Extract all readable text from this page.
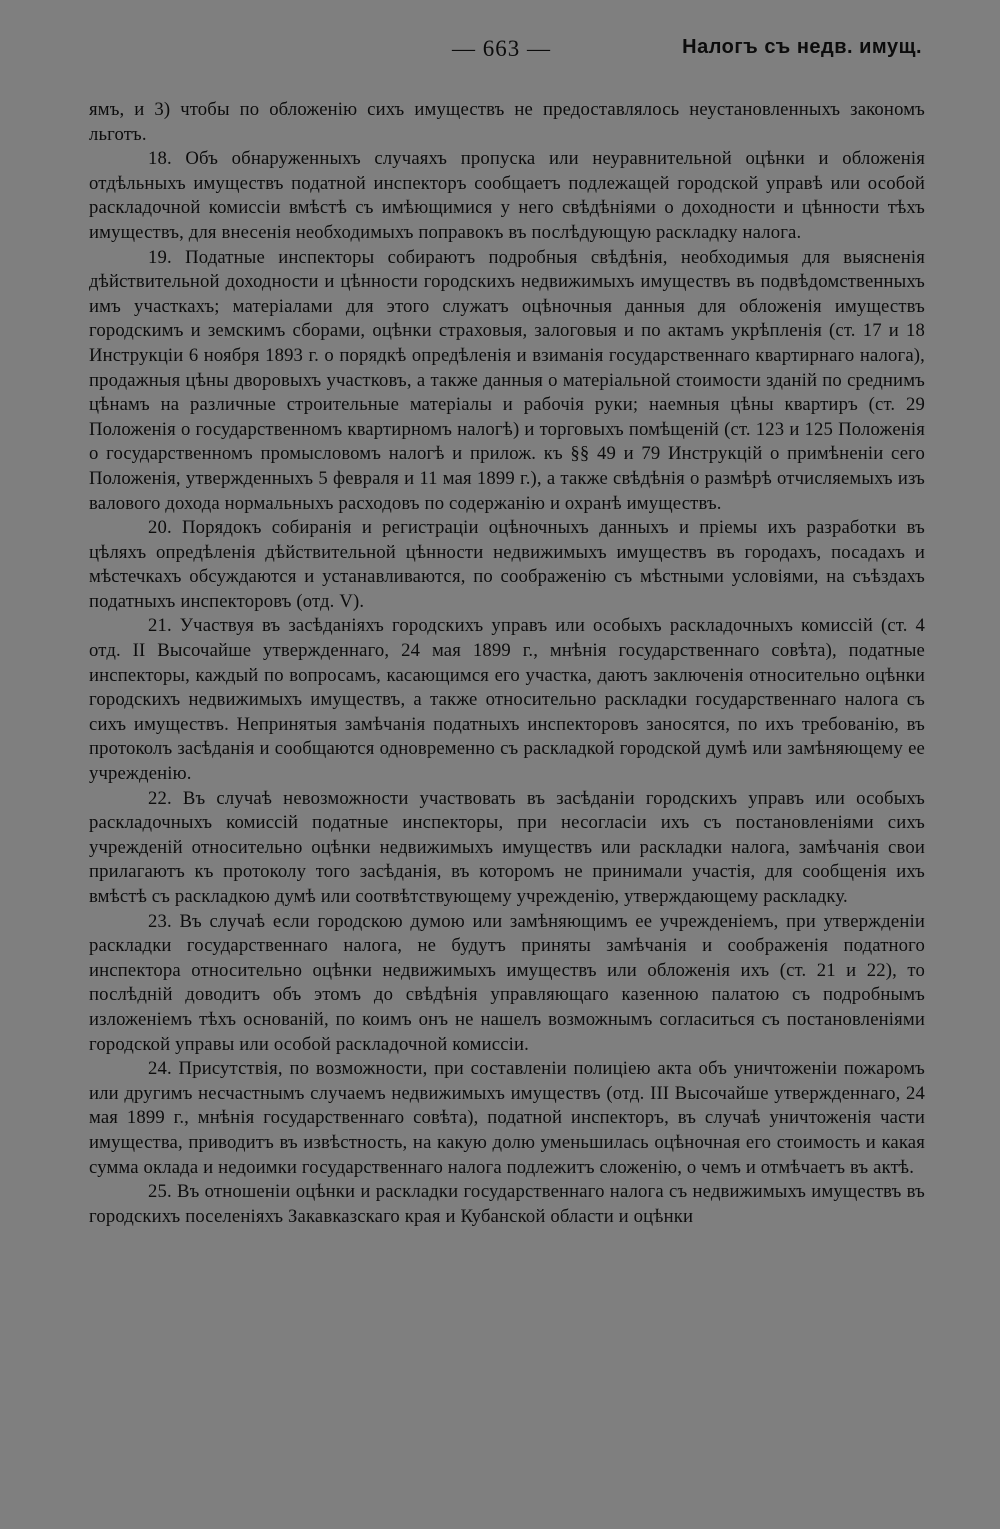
— 663 —	Налогъ съ недв. имущ.

ямъ, и 3) чтобы по обложенію сихъ имуществъ не предоставлялось неустановленныхъ закономъ льготъ.

18. Объ обнаруженныхъ случаяхъ пропуска или неуравнительной оцѣнки и обложенія отдѣльныхъ имуществъ податной инспекторъ сообщаетъ подлежащей городской управѣ или особой раскладочной комиссіи вмѣстѣ съ имѣющимися у него свѣдѣніями о доходности и цѣнности тѣхъ имуществъ, для внесенія необходимыхъ поправокъ въ послѣдующую раскладку налога.

19. Податные инспекторы собираютъ подробныя свѣдѣнія, необходимыя для выясненія дѣйствительной доходности и цѣнности городскихъ недвижимыхъ имуществъ въ подвѣдомственныхъ имъ участкахъ; матеріалами для этого служатъ оцѣночныя данныя для обложенія имуществъ городскимъ и земскимъ сборами, оцѣнки страховыя, залоговыя и по актамъ укрѣпленія (ст. 17 и 18 Инструкціи 6 ноября 1893 г. о порядкѣ опредѣленія и взиманія государственнаго квартирнаго налога), продажныя цѣны дворовыхъ участковъ, а также данныя о матеріальной стоимости зданій по среднимъ цѣнамъ на различные строительные матеріалы и рабочія руки; наемныя цѣны квартиръ (ст. 29 Положенія о государственномъ квартирномъ налогѣ) и торговыхъ помѣщеній (ст. 123 и 125 Положенія о государственномъ промысловомъ налогѣ и прилож. къ §§ 49 и 79 Инструкцій о примѣненіи сего Положенія, утвержденныхъ 5 февраля и 11 мая 1899 г.), а также свѣдѣнія о размѣрѣ отчисляемыхъ изъ валового дохода нормальныхъ расходовъ по содержанію и охранѣ имуществъ.

20. Порядокъ собиранія и регистраціи оцѣночныхъ данныхъ и пріемы ихъ разработки въ цѣляхъ опредѣленія дѣйствительной цѣнности недвижимыхъ имуществъ въ городахъ, посадахъ и мѣстечкахъ обсуждаются и устанавливаются, по соображенію съ мѣстными условіями, на съѣздахъ податныхъ инспекторовъ (отд. V).

21. Участвуя въ засѣданіяхъ городскихъ управъ или особыхъ раскладочныхъ комиссій (ст. 4 отд. II Высочайше утвержденнаго, 24 мая 1899 г., мнѣнія государственнаго совѣта), податные инспекторы, каждый по вопросамъ, касающимся его участка, даютъ заключенія относительно оцѣнки городскихъ недвижимыхъ имуществъ, а также относительно раскладки государственнаго налога съ сихъ имуществъ. Непринятыя замѣчанія податныхъ инспекторовъ заносятся, по ихъ требованію, въ протоколъ засѣданія и сообщаются одновременно съ раскладкой городской думѣ или замѣняющему ее учрежденію.

22. Въ случаѣ невозможности участвовать въ засѣданіи городскихъ управъ или особыхъ раскладочныхъ комиссій податные инспекторы, при несогласіи ихъ съ постановленіями сихъ учрежденій относительно оцѣнки недвижимыхъ имуществъ или раскладки налога, замѣчанія свои прилагаютъ къ протоколу того засѣданія, въ которомъ не принимали участія, для сообщенія ихъ вмѣстѣ съ раскладкою думѣ или соотвѣтствующему учрежденію, утверждающему раскладку.

23. Въ случаѣ если городскою думою или замѣняющимъ ее учрежденіемъ, при утвержденіи раскладки государственнаго налога, не будутъ приняты замѣчанія и соображенія податного инспектора относительно оцѣнки недвижимыхъ имуществъ или обложенія ихъ (ст. 21 и 22), то послѣдній доводитъ объ этомъ до свѣдѣнія управляющаго казенною палатою съ подробнымъ изложеніемъ тѣхъ основаній, по коимъ онъ не нашелъ возможнымъ согласиться съ постановленіями городской управы или особой раскладочной комиссіи.

24. Присутствія, по возможности, при составленіи полиціею акта объ уничтоженіи пожаромъ или другимъ несчастнымъ случаемъ недвижимыхъ имуществъ (отд. III Высочайше утвержденнаго, 24 мая 1899 г., мнѣнія государственнаго совѣта), податной инспекторъ, въ случаѣ уничтоженія части имущества, приводитъ въ извѣстность, на какую долю уменьшилась оцѣночная его стоимость и какая сумма оклада и недоимки государственнаго налога подлежитъ сложенію, о чемъ и отмѣчаетъ въ актѣ.

25. Въ отношеніи оцѣнки и раскладки государственнаго налога съ недвижимыхъ имуществъ въ городскихъ поселеніяхъ Закавказскаго края и Кубанской области и оцѣнки
